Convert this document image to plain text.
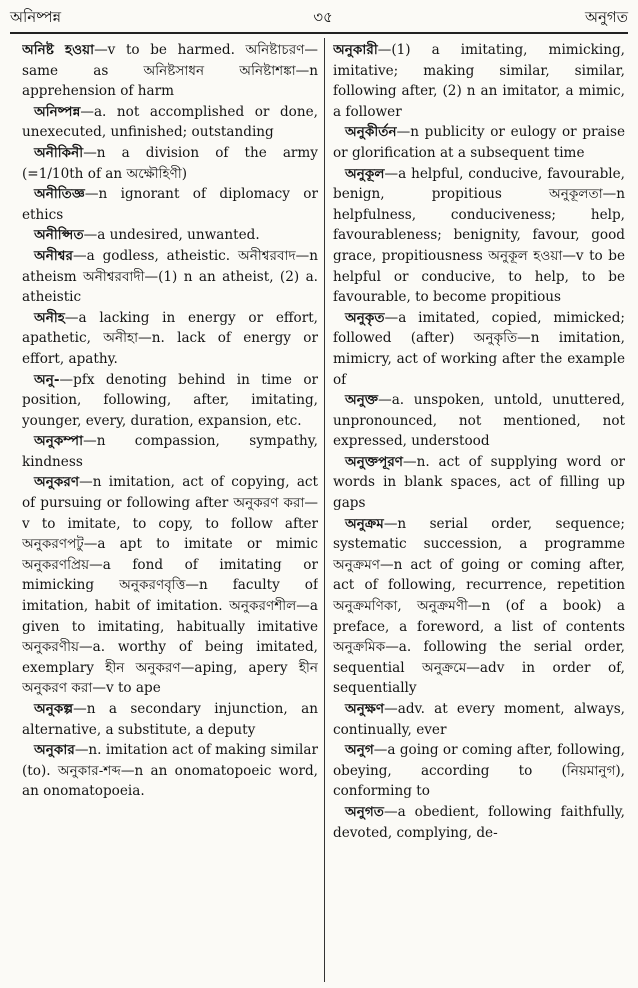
অনিষ্পন্ন	৩৫	অনুগত

অনিষ্ট হওয়া—v to be harmed. অনিষ্টাচরণ—same as অনিষ্টসাধন অনিষ্টাশঙ্কা—n apprehension of harm

অনিষ্পন্ন—a. not accomplished or done, unexecuted, unfinished; outstanding

অনীকিনী—n a division of the army (=1/10th of an অক্ষৌহিণী)

অনীতিজ্ঞ—n ignorant of diplomacy or ethics

অনীপ্সিত—a undesired, unwanted.

অনীশ্বর—a godless, atheistic. অনীশ্বরবাদ—n atheism অনীশ্বরবাদী—(1) n an atheist, (2) a. atheistic

অনীহ—a lacking in energy or effort, apathetic, অনীহা—n. lack of energy or effort, apathy.

অনু-—pfx denoting behind in time or position, following, after, imitating, younger, every, duration, expansion, etc.

অনুকম্পা—n compassion, sympathy, kindness

অনুকরণ—n imitation, act of copying, act of pursuing or following after অনুকরণ করা—v to imitate, to copy, to follow after অনুকরণপটু—a apt to imitate or mimic অনুকরণপ্রিয়—a fond of imitating or mimicking অনুকরণবৃত্তি—n faculty of imitation, habit of imitation. অনুকরণশীল—a given to imitating, habitually imitative অনুকরণীয়—a. worthy of being imitated, exemplary হীন অনুকরণ—aping, apery হীন অনুকরণ করা—v to ape

অনুকল্প—n a secondary injunction, an alternative, a substitute, a deputy

অনুকার—n. imitation act of making similar (to). অনুকার-শব্দ—n an onomatopoeic word, an onomatopoeia.

অনুকারী—(1) a imitating, mimicking, imitative; making similar, similar, following after, (2) n an imitator, a mimic, a follower

অনুকীর্তন—n publicity or eulogy or praise or glorification at a subsequent time

অনুকূল—a helpful, conducive, favourable, benign, propitious অনুকূলতা—n helpfulness, conduciveness; help, favourableness; benignity, favour, good grace, propitiousness অনুকূল হওয়া—v to be helpful or conducive, to help, to be favourable, to become propitious

অনুকৃত—a imitated, copied, mimicked; followed (after) অনুকৃতি—n imitation, mimicry, act of working after the example of

অনুক্ত—a. unspoken, untold, unuttered, unpronounced, not mentioned, not expressed, understood

অনুক্তপূরণ—n. act of supplying word or words in blank spaces, act of filling up gaps

অনুক্রম—n serial order, sequence; systematic succession, a programme অনুক্রমণ—n act of going or coming after, act of following, recurrence, repetition অনুক্রমণিকা, অনুক্রমণী—n (of a book) a preface, a foreword, a list of contents অনুক্রমিক—a. following the serial order, sequential অনুক্রমে—adv in order of, sequentially

অনুক্ষণ—adv. at every moment, always, continually, ever

অনুগ—a going or coming after, following, obeying, according to (নিয়মানুগ), conforming to

অনুগত—a obedient, following faithfully, devoted, complying, de-
